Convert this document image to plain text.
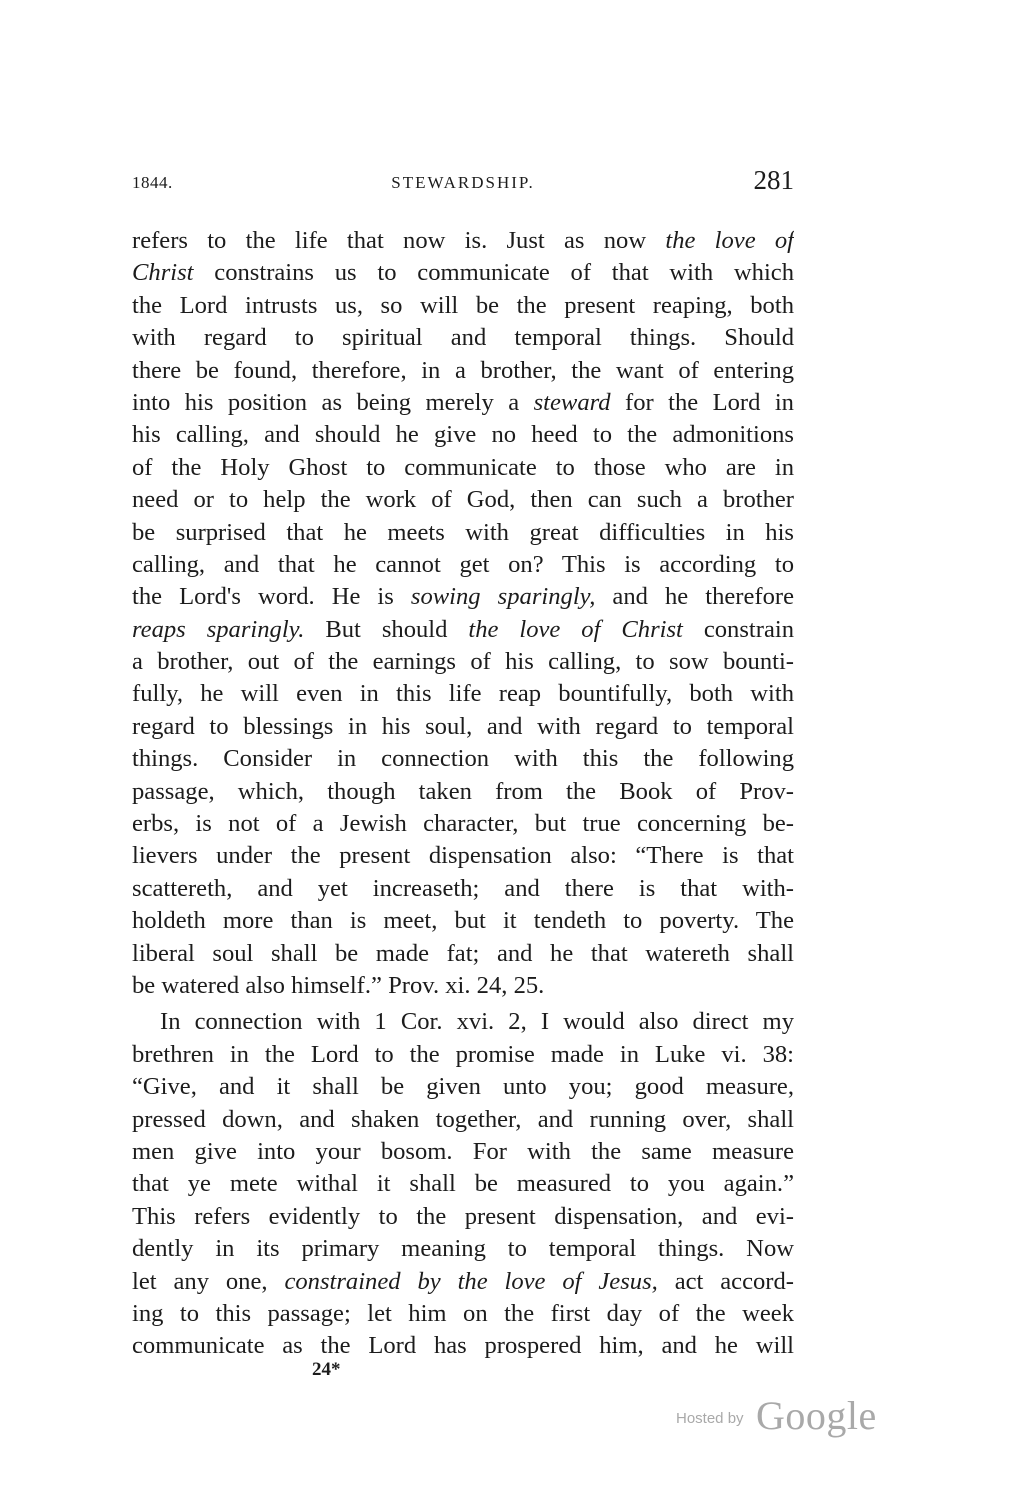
1844.	STEWARDSHIP.	281
refers to the life that now is. Just as now the love of
Christ constrains us to communicate of that with which
the Lord intrusts us, so will be the present reaping, both
with regard to spiritual and temporal things. Should
there be found, therefore, in a brother, the want of entering
into his position as being merely a steward for the Lord in
his calling, and should he give no heed to the admonitions
of the Holy Ghost to communicate to those who are in
need or to help the work of God, then can such a brother
be surprised that he meets with great difficulties in his
calling, and that he cannot get on? This is according to
the Lord's word. He is sowing sparingly, and he therefore
reaps sparingly. But should the love of Christ constrain
a brother, out of the earnings of his calling, to sow bounti-
fully, he will even in this life reap bountifully, both with
regard to blessings in his soul, and with regard to temporal
things. Consider in connection with this the following
passage, which, though taken from the Book of Prov-
erbs, is not of a Jewish character, but true concerning be-
lievers under the present dispensation also: “There is that
scattereth, and yet increaseth; and there is that with-
holdeth more than is meet, but it tendeth to poverty. The
liberal soul shall be made fat; and he that watereth shall
be watered also himself.” Prov. xi. 24, 25.
In connection with 1 Cor. xvi. 2, I would also direct my
brethren in the Lord to the promise made in Luke vi. 38:
“Give, and it shall be given unto you; good measure,
pressed down, and shaken together, and running over, shall
men give into your bosom. For with the same measure
that ye mete withal it shall be measured to you again.”
This refers evidently to the present dispensation, and evi-
dently in its primary meaning to temporal things. Now
let any one, constrained by the love of Jesus, act accord-
ing to this passage; let him on the first day of the week
communicate as the Lord has prospered him, and he will
24*
Hosted by Google
